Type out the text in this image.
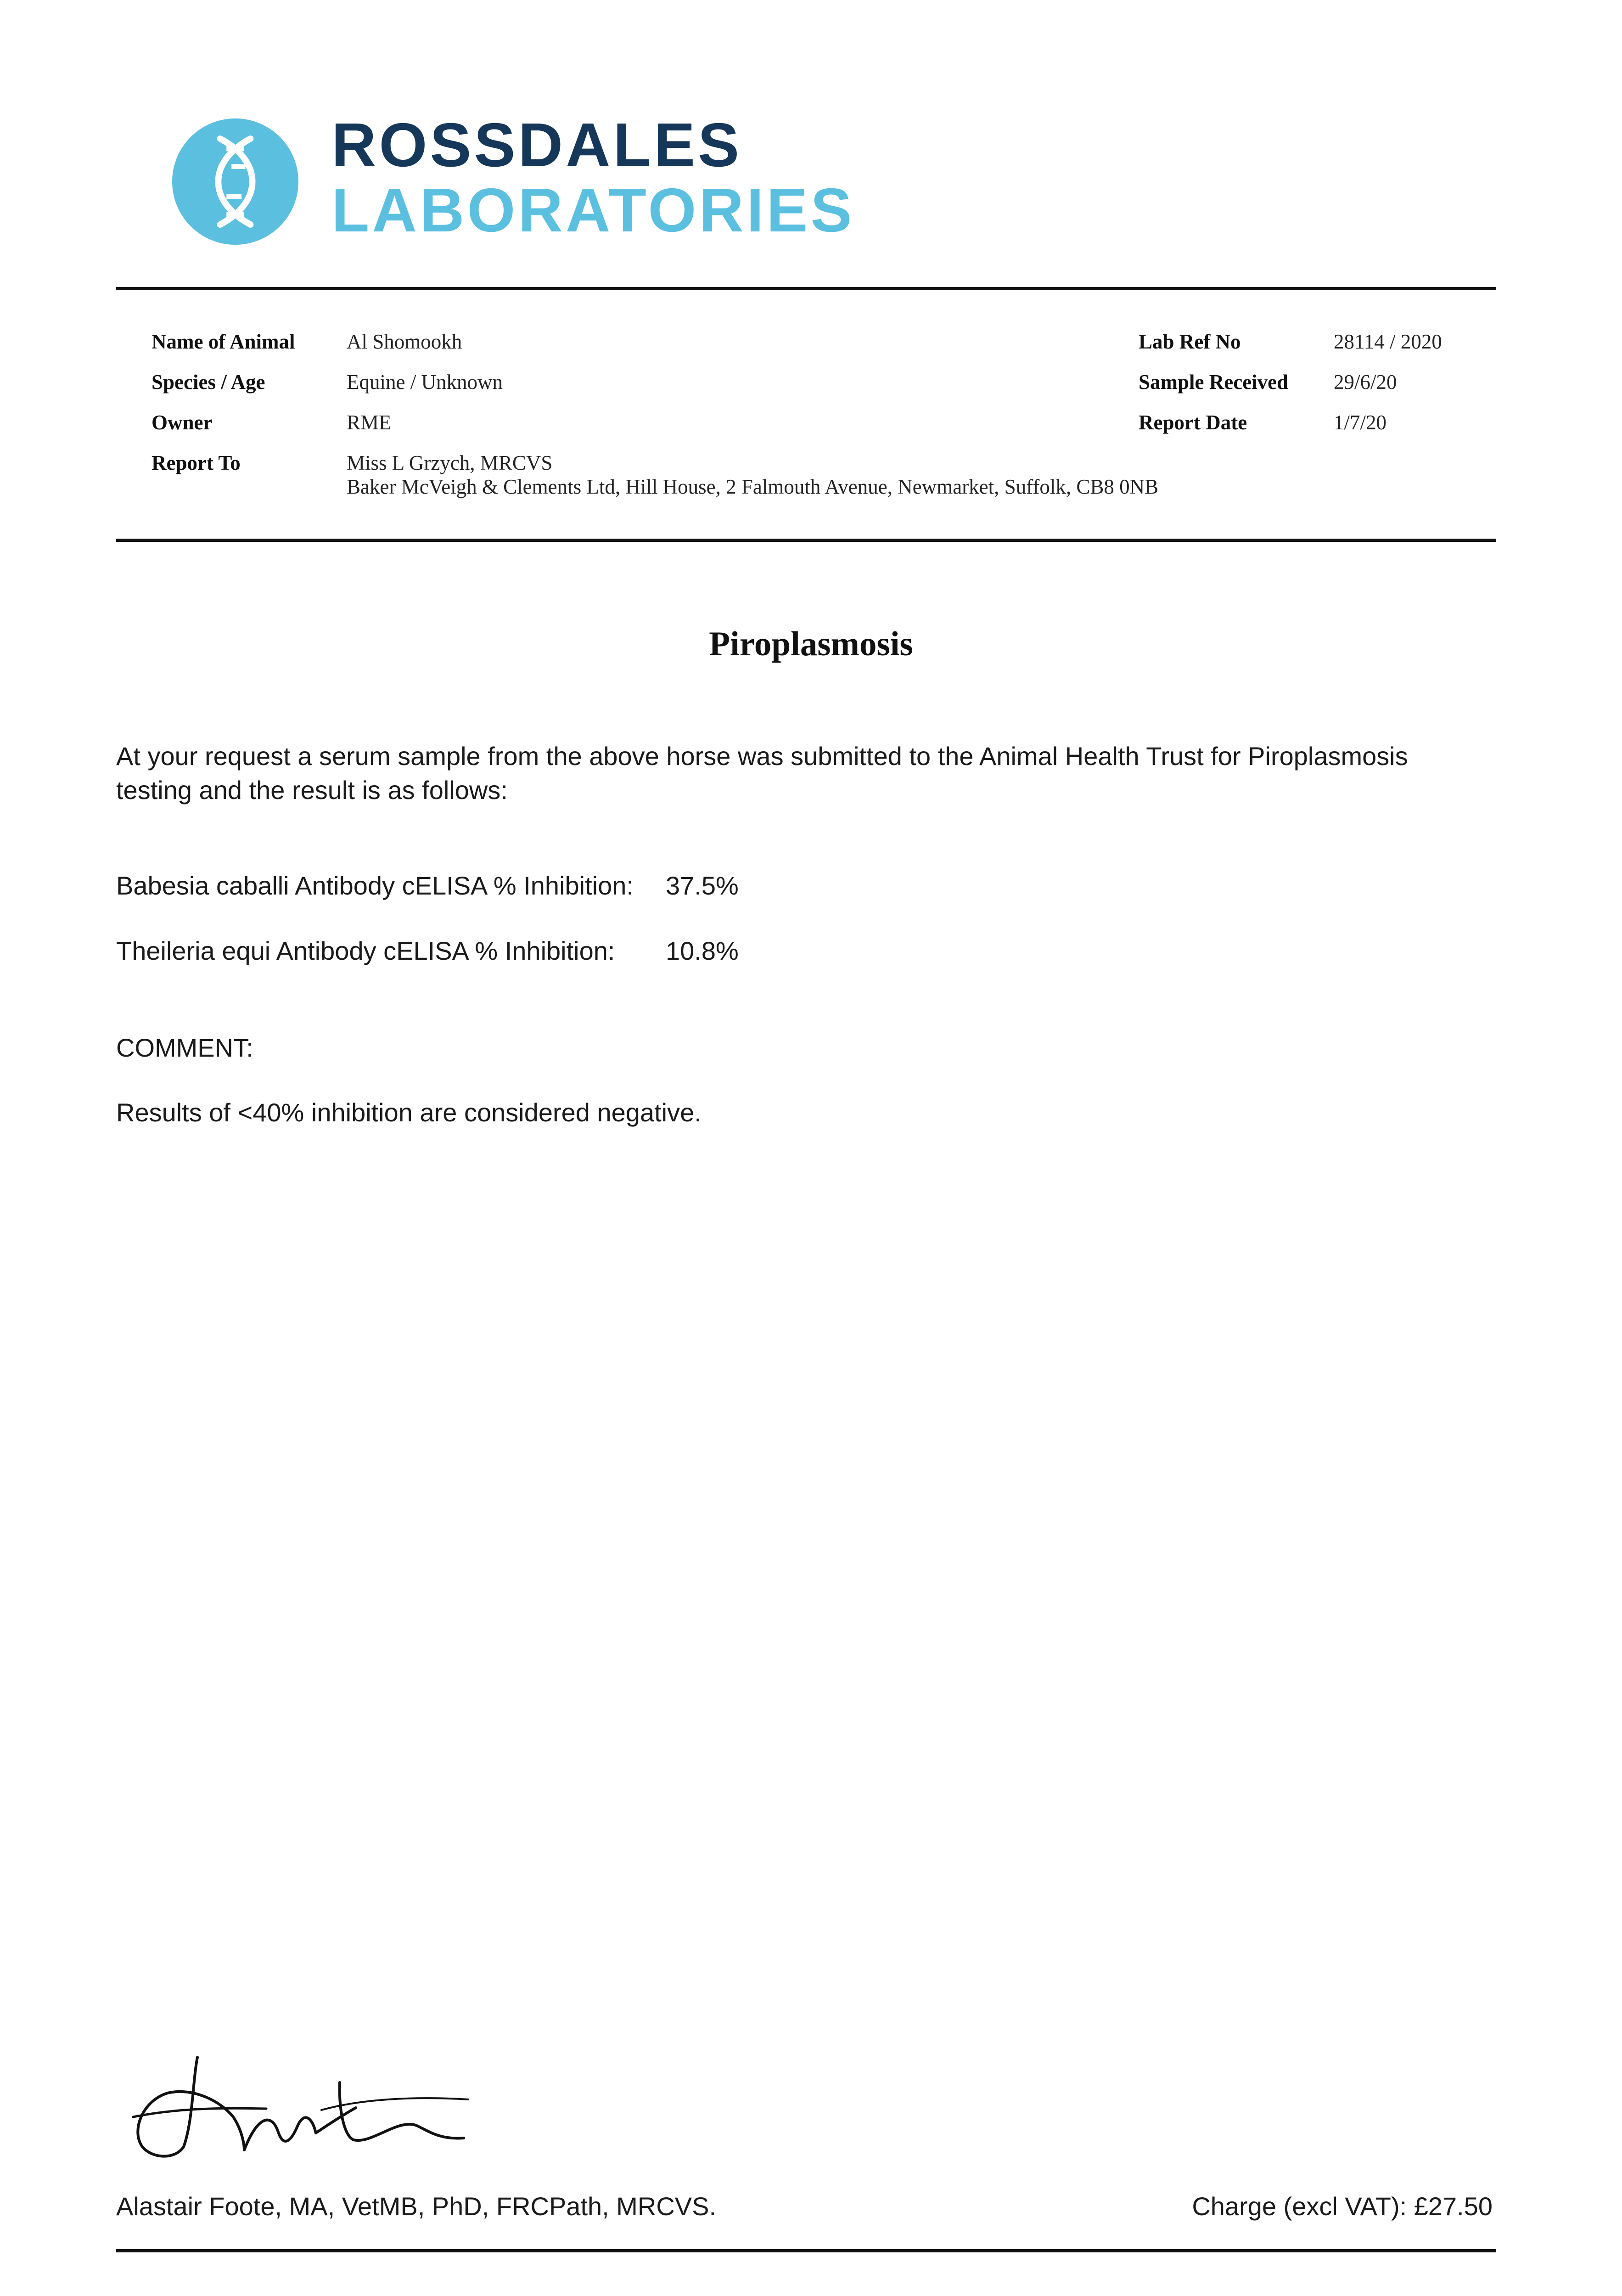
ROSSDALES
LABORATORIES
Name of Animal	Al Shomookh
Species / Age	Equine / Unknown
Owner	RME
Report To	Miss L Grzych, MRCVS
Baker McVeigh & Clements Ltd, Hill House, 2 Falmouth Avenue, Newmarket, Suffolk, CB8 0NB
Lab Ref No	28114 / 2020
Sample Received 29/6/20
Report Date	1/7/20
Piroplasmosis
At your request a serum sample from the above horse was submitted to the Animal Health Trust for Piroplasmosis
testing and the result is as follows:
Babesia caballi Antibody cELISA % Inhibition: 37.5%
Theileria equi Antibody cELISA % Inhibition: 10.8%
COMMENT:
Results of <40% inhibition are considered negative.
Alastair Foote, MA, VetMB, PhD, FRCPath, MRCVS.	Charge (excl VAT): £27.50
